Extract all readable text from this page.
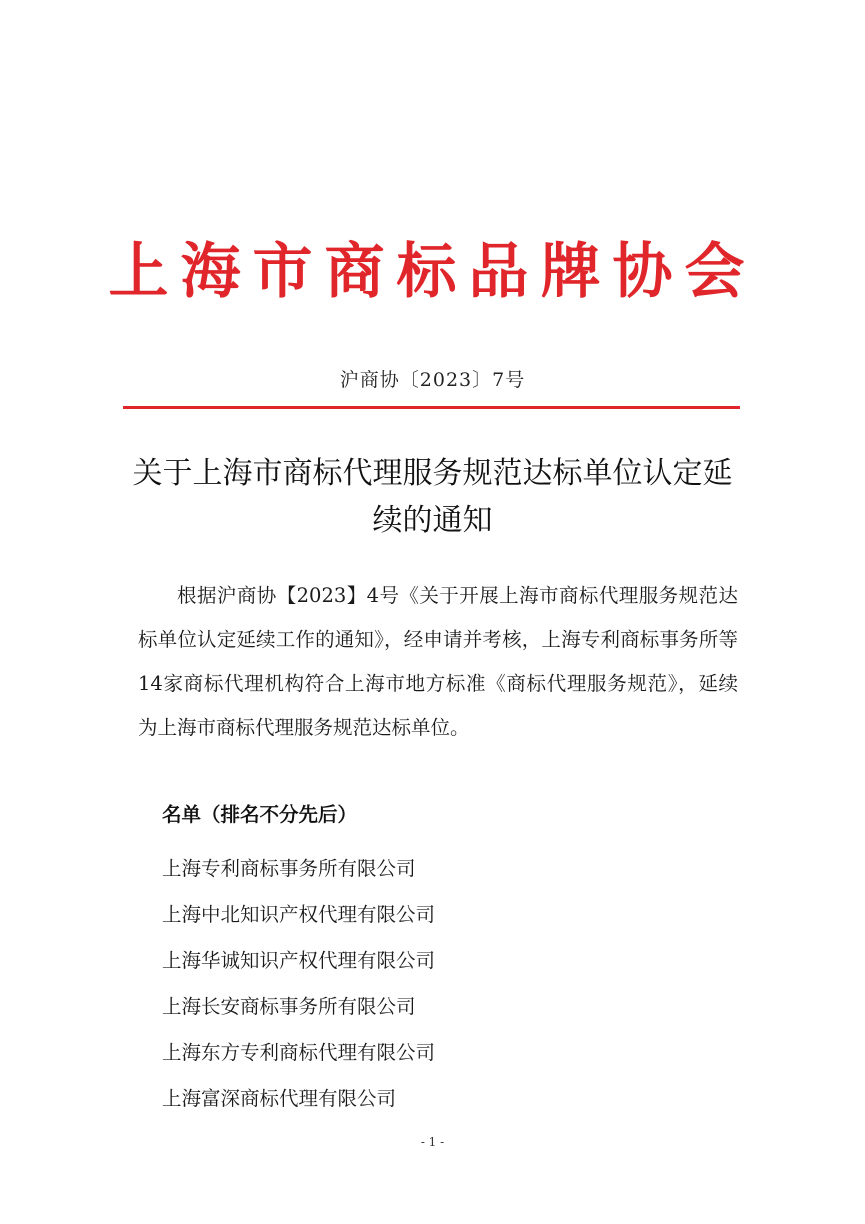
上海市商标品牌协会
沪商协〔2023〕7号
关于上海市商标代理服务规范达标单位认定延续的通知
根据沪商协【2023】4号《关于开展上海市商标代理服务规范达标单位认定延续工作的通知》，经申请并考核，上海专利商标事务所等14家商标代理机构符合上海市地方标准《商标代理服务规范》，延续为上海市商标代理服务规范达标单位。
名单（排名不分先后）
上海专利商标事务所有限公司
上海中北知识产权代理有限公司
上海华诚知识产权代理有限公司
上海长安商标事务所有限公司
上海东方专利商标代理有限公司
上海富深商标代理有限公司
- 1 -
